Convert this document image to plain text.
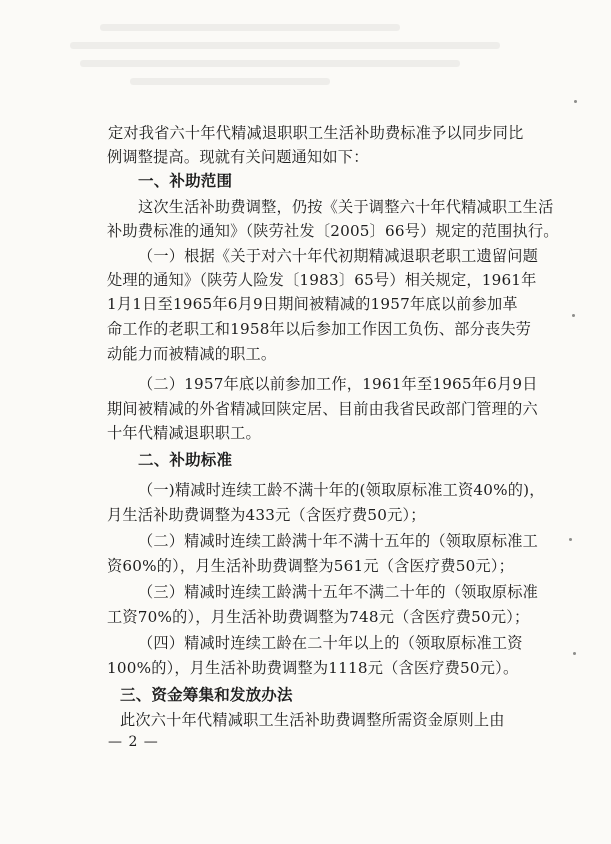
定对我省六十年代精减退职职工生活补助费标准予以同步同比
例调整提高。现就有关问题通知如下：
一、补助范围
这次生活补助费调整，仍按《关于调整六十年代精减职工生活
补助费标准的通知》（陕劳社发〔2005〕66号）规定的范围执行。
（一）根据《关于对六十年代初期精减退职老职工遗留问题
处理的通知》（陕劳人险发〔1983〕65号）相关规定，1961年
1月1日至1965年6月9日期间被精减的1957年底以前参加革
命工作的老职工和1958年以后参加工作因工负伤、部分丧失劳
动能力而被精减的职工。
（二）1957年底以前参加工作，1961年至1965年6月9日
期间被精减的外省精减回陕定居、目前由我省民政部门管理的六
十年代精减退职职工。
二、补助标准
（一)精减时连续工龄不满十年的(领取原标准工资40%的)，
月生活补助费调整为433元（含医疗费50元）；
（二）精减时连续工龄满十年不满十五年的（领取原标准工
资60%的），月生活补助费调整为561元（含医疗费50元）；
（三）精减时连续工龄满十五年不满二十年的（领取原标准
工资70%的），月生活补助费调整为748元（含医疗费50元）；
（四）精减时连续工龄在二十年以上的（领取原标准工资
100%的），月生活补助费调整为1118元（含医疗费50元）。
三、资金筹集和发放办法
此次六十年代精减职工生活补助费调整所需资金原则上由
— 2 —
